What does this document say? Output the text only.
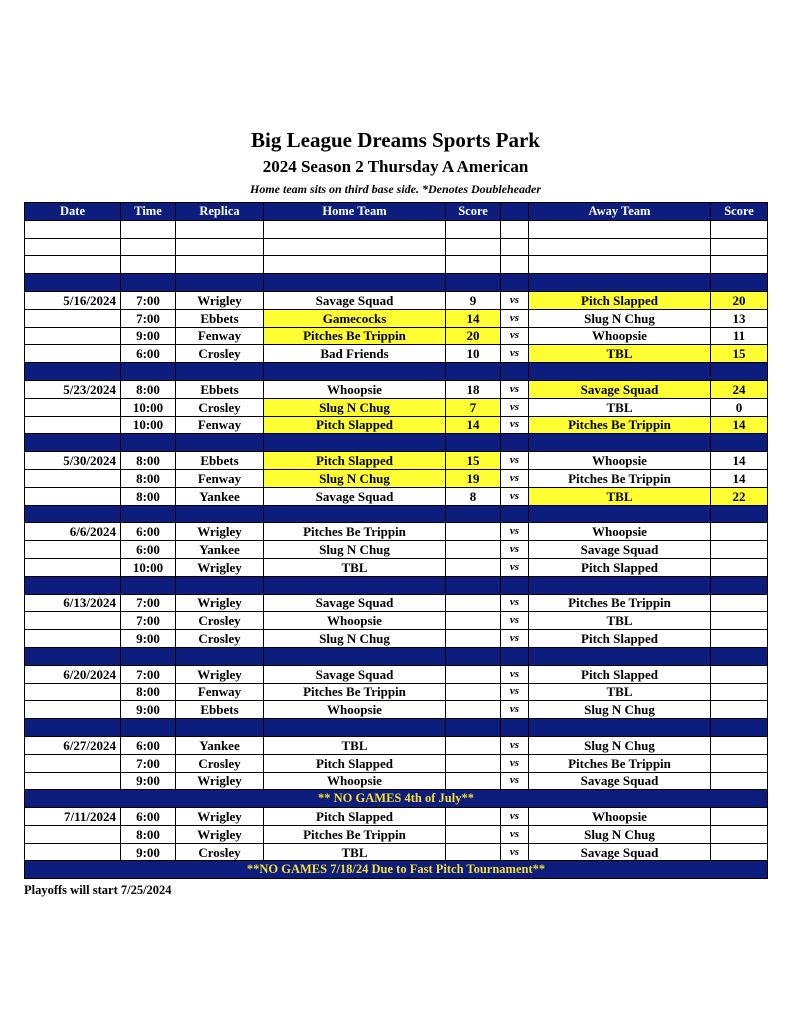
Big League Dreams Sports Park
2024 Season 2 Thursday A American
Home team sits on third base side. *Denotes Doubleheader
Date	Time	Replica	Home Team	Score		Away Team	Score

5/16/2024	7:00	Wrigley	Savage Squad	9	vs	Pitch Slapped	20
	7:00	Ebbets	Gamecocks	14	vs	Slug N Chug	13
	9:00	Fenway	Pitches Be Trippin	20	vs	Whoopsie	11
	6:00	Crosley	Bad Friends	10	vs	TBL	15

5/23/2024	8:00	Ebbets	Whoopsie	18	vs	Savage Squad	24
	10:00	Crosley	Slug N Chug	7	vs	TBL	0
	10:00	Fenway	Pitch Slapped	14	vs	Pitches Be Trippin	14

5/30/2024	8:00	Ebbets	Pitch Slapped	15	vs	Whoopsie	14
	8:00	Fenway	Slug N Chug	19	vs	Pitches Be Trippin	14
	8:00	Yankee	Savage Squad	8	vs	TBL	22

6/6/2024	6:00	Wrigley	Pitches Be Trippin		vs	Whoopsie	
	6:00	Yankee	Slug N Chug		vs	Savage Squad	
	10:00	Wrigley	TBL		vs	Pitch Slapped	

6/13/2024	7:00	Wrigley	Savage Squad		vs	Pitches Be Trippin	
	7:00	Crosley	Whoopsie		vs	TBL	
	9:00	Crosley	Slug N Chug		vs	Pitch Slapped	

6/20/2024	7:00	Wrigley	Savage Squad		vs	Pitch Slapped	
	8:00	Fenway	Pitches Be Trippin		vs	TBL	
	9:00	Ebbets	Whoopsie		vs	Slug N Chug	

6/27/2024	6:00	Yankee	TBL		vs	Slug N Chug	
	7:00	Crosley	Pitch Slapped		vs	Pitches Be Trippin	
	9:00	Wrigley	Whoopsie		vs	Savage Squad	
** NO GAMES 4th of July**							
7/11/2024	6:00	Wrigley	Pitch Slapped		vs	Whoopsie	
	8:00	Wrigley	Pitches Be Trippin		vs	Slug N Chug	
	9:00	Crosley	TBL		vs	Savage Squad	
**NO GAMES 7/18/24 Due to Fast Pitch Tournament**							
Playoffs will start 7/25/2024
